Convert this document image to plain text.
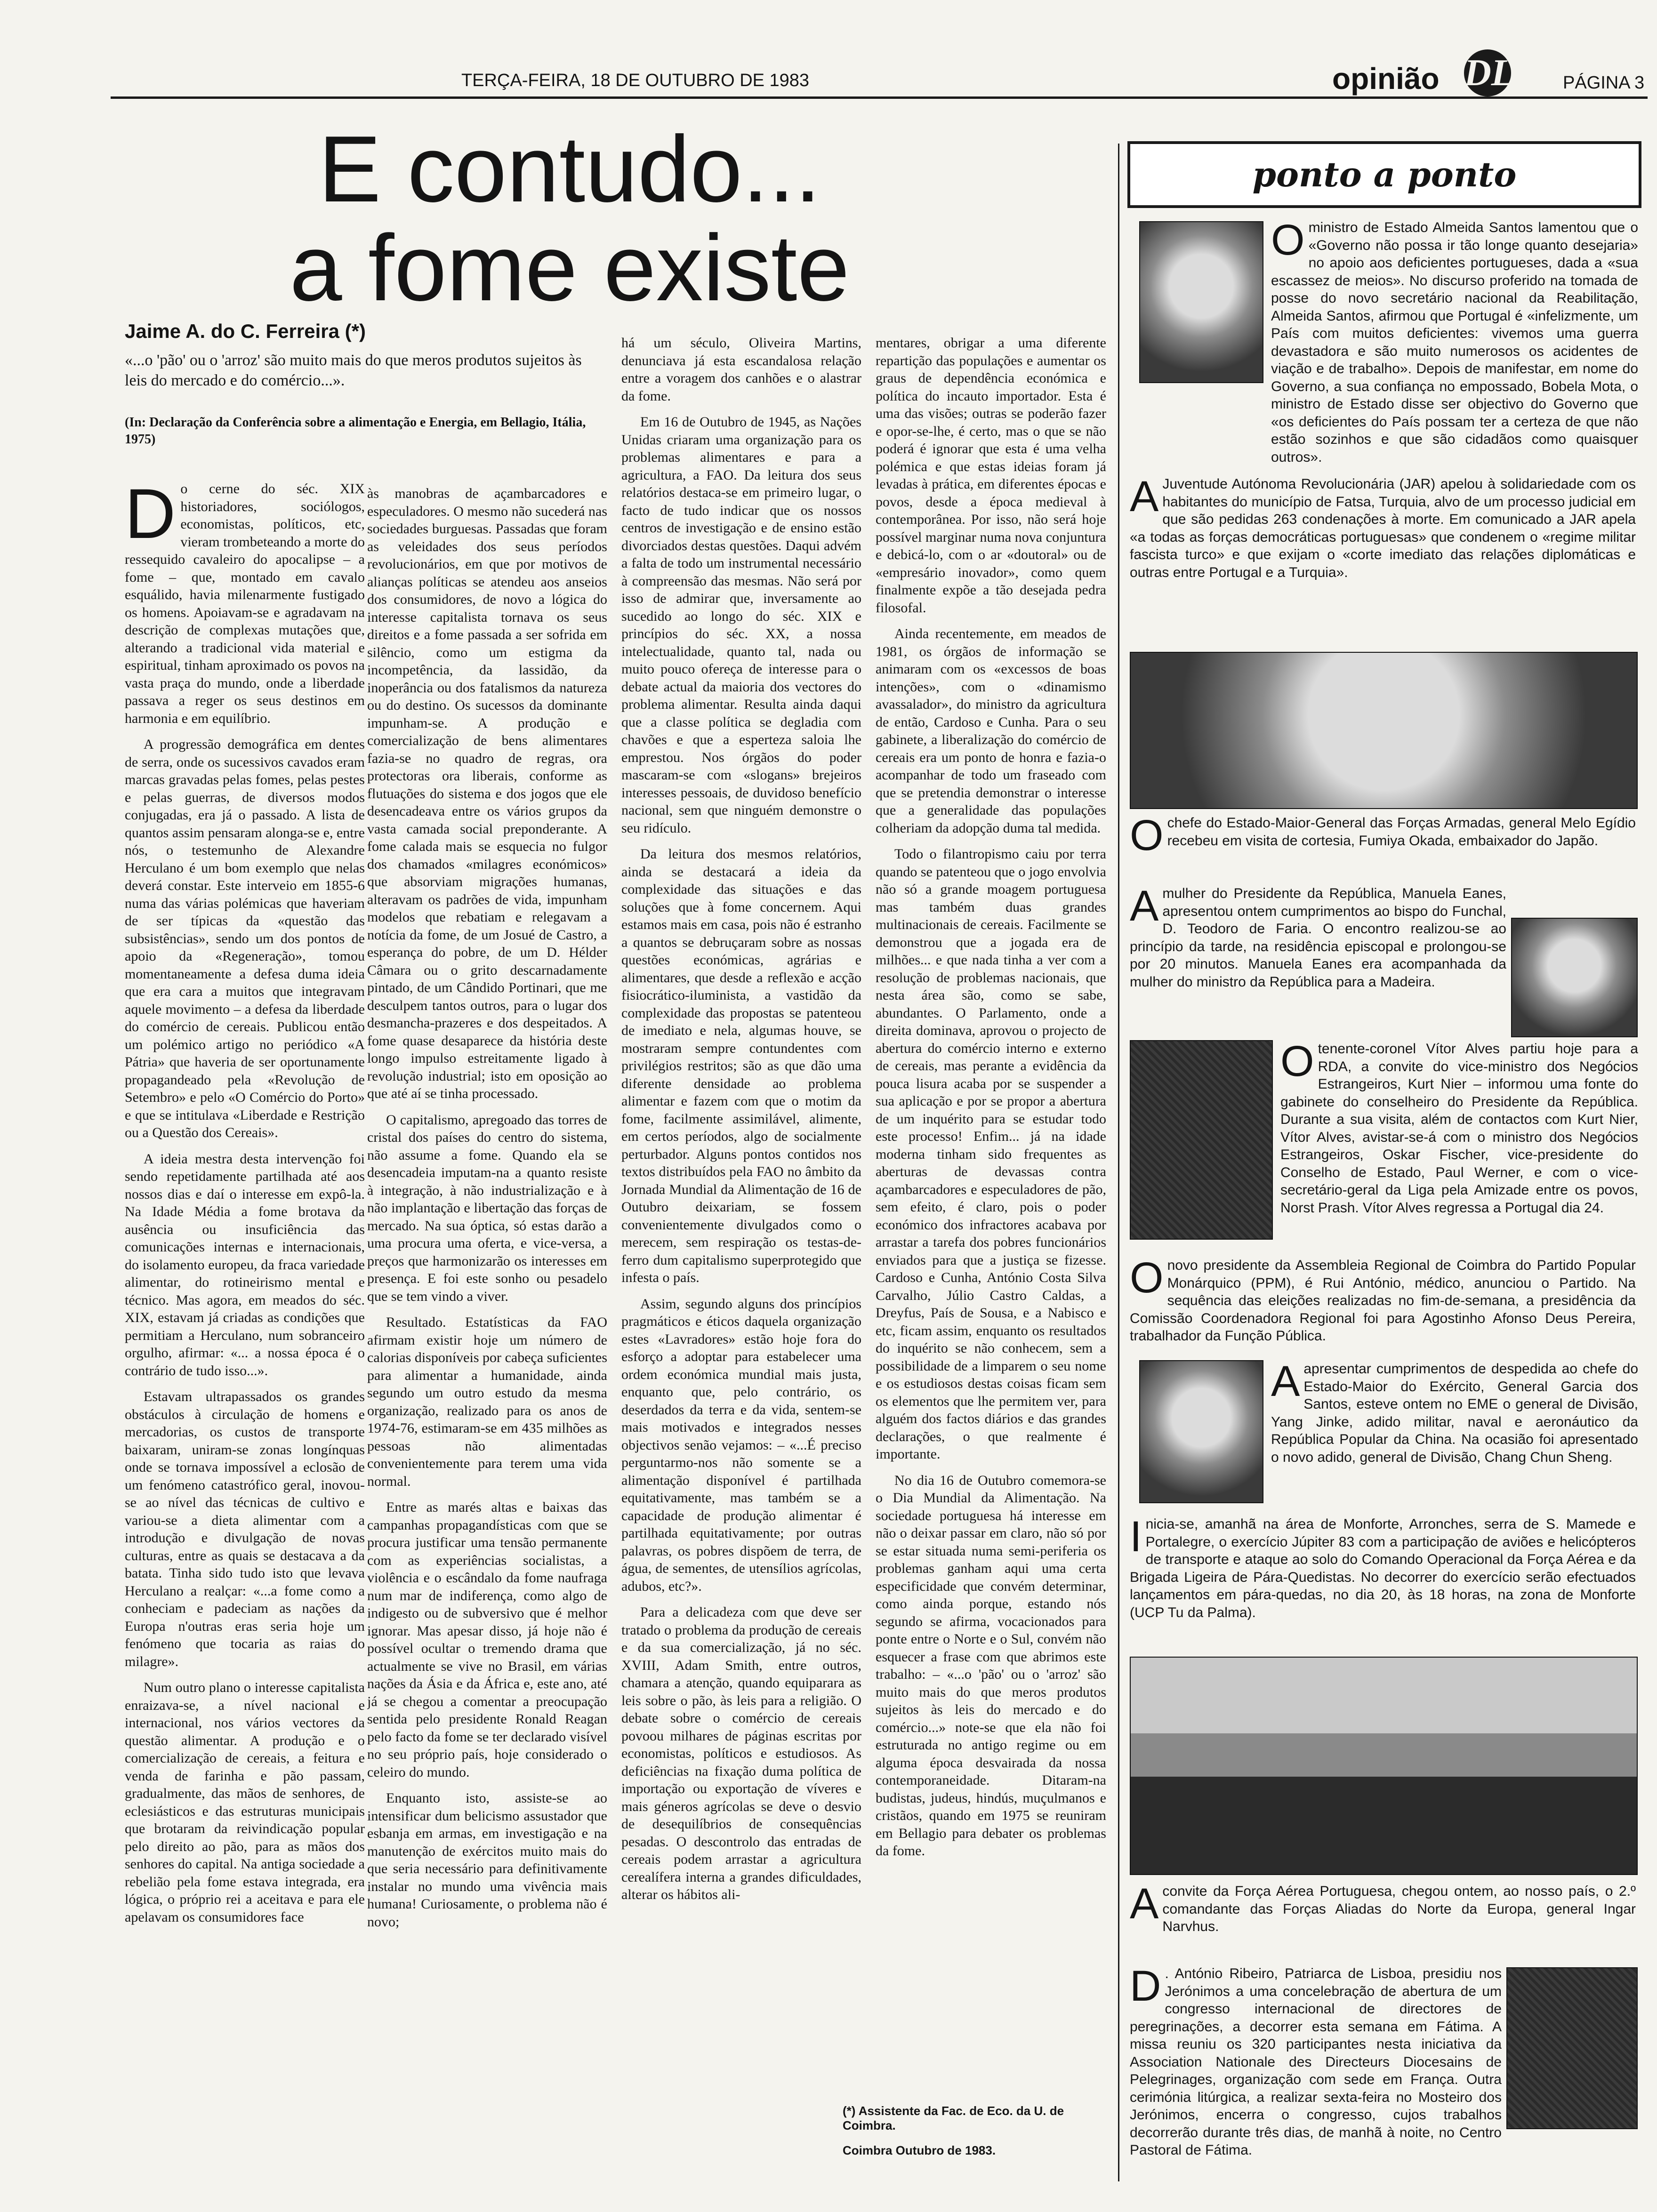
TERÇA-FEIRA, 18 DE OUTUBRO DE 1983	opinião DL	PÁGINA 3
E contudo...
a fome existe

Jaime A. do C. Ferreira (*)

«...o 'pão' ou o 'arroz' são muito mais do que meros produtos sujeitos às leis do mercado e do comércio...».

(In: Declaração da Conferência sobre a alimentação e Energia, em Bellagio, Itália, 1975)

Do cerne do séc. XIX historiadores, sociólogos, economistas, políticos, etc, vieram trombeteando a morte do ressequido cavaleiro do apocalipse – a fome – que, montado em cavalo esquálido, havia milenarmente fustigado os homens. Apoiavam-se e agradavam na descrição de complexas mutações que, alterando a tradicional vida material e espiritual, tinham aproximado os povos na vasta praça do mundo, onde a liberdade passava a reger os seus destinos em harmonia e em equilíbrio.

A progressão demográfica em dentes de serra, onde os sucessivos cavados eram marcas gravadas pelas fomes, pelas pestes e pelas guerras, de diversos modos conjugadas, era já o passado. A lista de quantos assim pensaram alonga-se e, entre nós, o testemunho de Alexandre Herculano é um bom exemplo que nelas deverá constar. Este interveio em 1855-6 numa das várias polémicas que haveriam de ser típicas da «questão das subsistências», sendo um dos pontos de apoio da «Regeneração», tomou momentaneamente a defesa duma ideia que era cara a muitos que integravam aquele movimento – a defesa da liberdade do comércio de cereais. Publicou então um polémico artigo no periódico «A Pátria» que haveria de ser oportunamente propagandeado pela «Revolução de Setembro» e pelo «O Comércio do Porto» e que se intitulava «Liberdade e Restrição ou a Questão dos Cereais».

A ideia mestra desta intervenção foi sendo repetidamente partilhada até aos nossos dias e daí o interesse em expô-la. Na Idade Média a fome brotava da ausência ou insuficiência das comunicações internas e internacionais, do isolamento europeu, da fraca variedade alimentar, do rotineirismo mental e técnico. Mas agora, em meados do séc. XIX, estavam já criadas as condições que permitiam a Herculano, num sobranceiro orgulho, afirmar: «... a nossa época é o contrário de tudo isso...».

Estavam ultrapassados os grandes obstáculos à circulação de homens e mercadorias, os custos de transporte baixaram, uniram-se zonas longínquas onde se tornava impossível a eclosão de um fenómeno catastrófico geral, inovou-se ao nível das técnicas de cultivo e variou-se a dieta alimentar com a introdução e divulgação de novas culturas, entre as quais se destacava a da batata. Tinha sido tudo isto que levava Herculano a realçar: «...a fome como a conheciam e padeciam as nações da Europa n'outras eras seria hoje um fenómeno que tocaria as raias do milagre».

Num outro plano o interesse capitalista enraizava-se, a nível nacional e internacional, nos vários vectores da questão alimentar. A produção e o comercialização de cereais, a feitura e venda de farinha e pão passam, gradualmente, das mãos de senhores, de eclesiásticos e das estruturas municipais que brotaram da reivindicação popular pelo direito ao pão, para as mãos dos senhores do capital. Na antiga sociedade a rebelião pela fome estava integrada, era lógica, o próprio rei a aceitava e para ele apelavam os consumidores face

às manobras de açambarcadores e especuladores. O mesmo não sucederá nas sociedades burguesas. Passadas que foram as veleidades dos seus períodos revolucionários, em que por motivos de alianças políticas se atendeu aos anseios dos consumidores, de novo a lógica do interesse capitalista tornava os seus direitos e a fome passada a ser sofrida em silêncio, como um estigma da incompetência, da lassidão, da inoperância ou dos fatalismos da natureza ou do destino. Os sucessos da dominante impunham-se. A produção e comercialização de bens alimentares fazia-se no quadro de regras, ora protectoras ora liberais, conforme as flutuações do sistema e dos jogos que ele desencadeava entre os vários grupos da vasta camada social preponderante. A fome calada mais se esquecia no fulgor dos chamados «milagres económicos» que absorviam migrações humanas, alteravam os padrões de vida, impunham modelos que rebatiam e relegavam a notícia da fome, de um Josué de Castro, a esperança do pobre, de um D. Hélder Câmara ou o grito descarnadamente pintado, de um Cândido Portinari, que me desculpem tantos outros, para o lugar dos desmancha-prazeres e dos despeitados. A fome quase desaparece da história deste longo impulso estreitamente ligado à revolução industrial; isto em oposição ao que até aí se tinha processado.

O capitalismo, apregoado das torres de cristal dos países do centro do sistema, não assume a fome. Quando ela se desencadeia imputam-na a quanto resiste à integração, à não industrialização e à não implantação e libertação das forças de mercado. Na sua óptica, só estas darão a uma procura uma oferta, e vice-versa, a preços que harmonizarão os interesses em presença. E foi este sonho ou pesadelo que se tem vindo a viver.

Resultado. Estatísticas da FAO afirmam existir hoje um número de calorias disponíveis por cabeça suficientes para alimentar a humanidade, ainda segundo um outro estudo da mesma organização, realizado para os anos de 1974-76, estimaram-se em 435 milhões as pessoas não alimentadas convenientemente para terem uma vida normal.

Entre as marés altas e baixas das campanhas propagandísticas com que se procura justificar uma tensão permanente com as experiências socialistas, a violência e o escândalo da fome naufraga num mar de indiferença, como algo de indigesto ou de subversivo que é melhor ignorar. Mas apesar disso, já hoje não é possível ocultar o tremendo drama que actualmente se vive no Brasil, em várias nações da Ásia e da África e, este ano, até já se chegou a comentar a preocupação sentida pelo presidente Ronald Reagan pelo facto da fome se ter declarado visível no seu próprio país, hoje considerado o celeiro do mundo.

Enquanto isto, assiste-se ao intensificar dum belicismo assustador que esbanja em armas, em investigação e na manutenção de exércitos muito mais do que seria necessário para definitivamente instalar no mundo uma vivência mais humana! Curiosamente, o problema não é novo;

há um século, Oliveira Martins, denunciava já esta escandalosa relação entre a voragem dos canhões e o alastrar da fome.

Em 16 de Outubro de 1945, as Nações Unidas criaram uma organização para os problemas alimentares e para a agricultura, a FAO. Da leitura dos seus relatórios destaca-se em primeiro lugar, o facto de tudo indicar que os nossos centros de investigação e de ensino estão divorciados destas questões. Daqui advém a falta de todo um instrumental necessário à compreensão das mesmas. Não será por isso de admirar que, inversamente ao sucedido ao longo do séc. XIX e princípios do séc. XX, a nossa intelectualidade, quanto tal, nada ou muito pouco ofereça de interesse para o debate actual da maioria dos vectores do problema alimentar. Resulta ainda daqui que a classe política se degladia com chavões e que a esperteza saloia lhe emprestou. Nos órgãos do poder mascaram-se com «slogans» brejeiros interesses pessoais, de duvidoso benefício nacional, sem que ninguém demonstre o seu ridículo.

Da leitura dos mesmos relatórios, ainda se destacará a ideia da complexidade das situações e das soluções que à fome concernem. Aqui estamos mais em casa, pois não é estranho a quantos se debruçaram sobre as nossas questões económicas, agrárias e alimentares, que desde a reflexão e acção fisiocrático-iluminista, a vastidão da complexidade das propostas se patenteou de imediato e nela, algumas houve, se mostraram sempre contundentes com privilégios restritos; são as que dão uma diferente densidade ao problema alimentar e fazem com que o motim da fome, facilmente assimilável, alimente, em certos períodos, algo de socialmente perturbador. Alguns pontos contidos nos textos distribuídos pela FAO no âmbito da Jornada Mundial da Alimentação de 16 de Outubro deixariam, se fossem convenientemente divulgados como o merecem, sem respiração os testas-de-ferro dum capitalismo superprotegido que infesta o país.

Assim, segundo alguns dos princípios pragmáticos e éticos daquela organização estes «Lavradores» estão hoje fora do esforço a adoptar para estabelecer uma ordem económica mundial mais justa, enquanto que, pelo contrário, os deserdados da terra e da vida, sentem-se mais motivados e integrados nesses objectivos senão vejamos: – «...É preciso perguntarmo-nos não somente se a alimentação disponível é partilhada equitativamente, mas também se a capacidade de produção alimentar é partilhada equitativamente; por outras palavras, os pobres dispõem de terra, de água, de sementes, de utensílios agrícolas, adubos, etc?».

Para a delicadeza com que deve ser tratado o problema da produção de cereais e da sua comercialização, já no séc. XVIII, Adam Smith, entre outros, chamara a atenção, quando equiparara as leis sobre o pão, às leis para a religião. O debate sobre o comércio de cereais povoou milhares de páginas escritas por economistas, políticos e estudiosos. As deficiências na fixação duma política de importação ou exportação de víveres e mais géneros agrícolas se deve o desvio de desequilíbrios de consequências pesadas. O descontrolo das entradas de cereais podem arrastar a agricultura cerealífera interna a grandes dificuldades, alterar os hábitos ali-

mentares, obrigar a uma diferente repartição das populações e aumentar os graus de dependência económica e política do incauto importador. Esta é uma das visões; outras se poderão fazer e opor-se-lhe, é certo, mas o que se não poderá é ignorar que esta é uma velha polémica e que estas ideias foram já levadas à prática, em diferentes épocas e povos, desde a época medieval à contemporânea. Por isso, não será hoje possível marginar numa nova conjuntura e debicá-lo, com o ar «doutoral» ou de «empresário inovador», como quem finalmente expõe a tão desejada pedra filosofal.

Ainda recentemente, em meados de 1981, os órgãos de informação se animaram com os «excessos de boas intenções», com o «dinamismo avassalador», do ministro da agricultura de então, Cardoso e Cunha. Para o seu gabinete, a liberalização do comércio de cereais era um ponto de honra e fazia-o acompanhar de todo um fraseado com que se pretendia demonstrar o interesse que a generalidade das populações colheriam da adopção duma tal medida.

Todo o filantropismo caiu por terra quando se patenteou que o jogo envolvia não só a grande moagem portuguesa mas também duas grandes multinacionais de cereais. Facilmente se demonstrou que a jogada era de milhões... e que nada tinha a ver com a resolução de problemas nacionais, que nesta área são, como se sabe, abundantes. O Parlamento, onde a direita dominava, aprovou o projecto de abertura do comércio interno e externo de cereais, mas perante a evidência da pouca lisura acaba por se suspender a sua aplicação e por se propor a abertura de um inquérito para se estudar todo este processo! Enfim... já na idade moderna tinham sido frequentes as aberturas de devassas contra açambarcadores e especuladores de pão, sem efeito, é claro, pois o poder económico dos infractores acabava por arrastar a tarefa dos pobres funcionários enviados para que a justiça se fizesse. Cardoso e Cunha, António Costa Silva Carvalho, Júlio Castro Caldas, a Dreyfus, País de Sousa, e a Nabisco e etc, ficam assim, enquanto os resultados do inquérito se não conhecem, sem a possibilidade de a limparem o seu nome e os estudiosos destas coisas ficam sem os elementos que lhe permitem ver, para alguém dos factos diários e das grandes declarações, o que realmente é importante.

No dia 16 de Outubro comemora-se o Dia Mundial da Alimentação. Na sociedade portuguesa há interesse em não o deixar passar em claro, não só por se estar situada numa semi-periferia os problemas ganham aqui uma certa especificidade que convém determinar, como ainda porque, estando nós segundo se afirma, vocacionados para ponte entre o Norte e o Sul, convém não esquecer a frase com que abrimos este trabalho: – «...o 'pão' ou o 'arroz' são muito mais do que meros produtos sujeitos às leis do mercado e do comércio...» note-se que ela não foi estruturada no antigo regime ou em alguma época desvairada da nossa contemporaneidade. Ditaram-na budistas, judeus, hindús, muçulmanos e cristãos, quando em 1975 se reuniram em Bellagio para debater os problemas da fome.

(*) Assistente da Fac. de Eco. da U. de Coimbra.

Coimbra Outubro de 1983.

ponto a ponto

O ministro de Estado Almeida Santos lamentou que o «Governo não possa ir tão longe quanto desejaria» no apoio aos deficientes portugueses, dada a «sua escassez de meios». No discurso proferido na tomada de posse do novo secretário nacional da Reabilitação, Almeida Santos, afirmou que Portugal é «infelizmente, um País com muitos deficientes: vivemos uma guerra devastadora e são muito numerosos os acidentes de viação e de trabalho». Depois de manifestar, em nome do Governo, a sua confiança no empossado, Bobela Mota, o ministro de Estado disse ser objectivo do Governo que «os deficientes do País possam ter a certeza de que não estão sozinhos e que são cidadãos como quaisquer outros».

A Juventude Autónoma Revolucionária (JAR) apelou à solidariedade com os habitantes do município de Fatsa, Turquia, alvo de um processo judicial em que são pedidas 263 condenações à morte. Em comunicado a JAR apela «a todas as forças democráticas portuguesas» que condenem o «regime militar fascista turco» e que exijam o «corte imediato das relações diplomáticas e outras entre Portugal e a Turquia».

O chefe do Estado-Maior-General das Forças Armadas, general Melo Egídio recebeu em visita de cortesia, Fumiya Okada, embaixador do Japão.

A mulher do Presidente da República, Manuela Eanes, apresentou ontem cumprimentos ao bispo do Funchal, D. Teodoro de Faria. O encontro realizou-se ao princípio da tarde, na residência episcopal e prolongou-se por 20 minutos. Manuela Eanes era acompanhada da mulher do ministro da República para a Madeira.

O tenente-coronel Vítor Alves partiu hoje para a RDA, a convite do vice-ministro dos Negócios Estrangeiros, Kurt Nier – informou uma fonte do gabinete do conselheiro do Presidente da República. Durante a sua visita, além de contactos com Kurt Nier, Vítor Alves, avistar-se-á com o ministro dos Negócios Estrangeiros, Oskar Fischer, vice-presidente do Conselho de Estado, Paul Werner, e com o vice-secretário-geral da Liga pela Amizade entre os povos, Norst Prash. Vítor Alves regressa a Portugal dia 24.

O novo presidente da Assembleia Regional de Coimbra do Partido Popular Monárquico (PPM), é Rui António, médico, anunciou o Partido. Na sequência das eleições realizadas no fim-de-semana, a presidência da Comissão Coordenadora Regional foi para Agostinho Afonso Deus Pereira, trabalhador da Função Pública.

A apresentar cumprimentos de despedida ao chefe do Estado-Maior do Exército, General Garcia dos Santos, esteve ontem no EME o general de Divisão, Yang Jinke, adido militar, naval e aeronáutico da República Popular da China. Na ocasião foi apresentado o novo adido, general de Divisão, Chang Chun Sheng.

Inicia-se, amanhã na área de Monforte, Arronches, serra de S. Mamede e Portalegre, o exercício Júpiter 83 com a participação de aviões e helicópteros de transporte e ataque ao solo do Comando Operacional da Força Aérea e da Brigada Ligeira de Pára-Quedistas. No decorrer do exercício serão efectuados lançamentos em pára-quedas, no dia 20, às 18 horas, na zona de Monforte (UCP Tu da Palma).

A convite da Força Aérea Portuguesa, chegou ontem, ao nosso país, o 2.º comandante das Forças Aliadas do Norte da Europa, general Ingar Narvhus.

D . António Ribeiro, Patriarca de Lisboa, presidiu nos Jerónimos a uma concelebração de abertura de um congresso internacional de directores de peregrinações, a decorrer esta semana em Fátima. A missa reuniu os 320 participantes nesta iniciativa da Association Nationale des Directeurs Diocesains de Pelegrinages, organização com sede em França. Outra cerimónia litúrgica, a realizar sexta-feira no Mosteiro dos Jerónimos, encerra o congresso, cujos trabalhos decorrerão durante três dias, de manhã à noite, no Centro Pastoral de Fátima.
